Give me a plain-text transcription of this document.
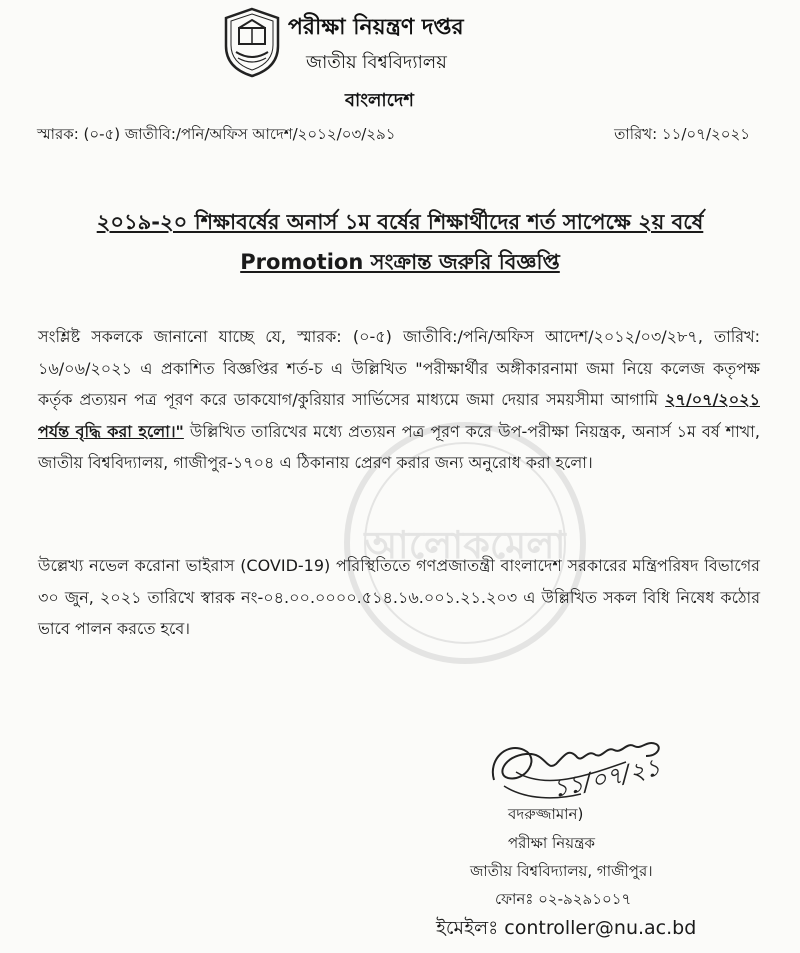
পরীক্ষা নিয়ন্ত্রণ দপ্তর
জাতীয় বিশ্ববিদ্যালয়
বাংলাদেশ
স্মারক: (০-৫) জাতীবি:/পনি/অফিস আদেশ/২০১২/০৩/২৯১	তারিখ: ১১/০৭/২০২১
২০১৯-২০ শিক্ষাবর্ষের অনার্স ১ম বর্ষের শিক্ষার্থীদের শর্ত সাপেক্ষে ২য় বর্ষে
Promotion সংক্রান্ত জরুরি বিজ্ঞপ্তি
আলোকমেলা
সংশ্লিষ্ট সকলকে জানানো যাচ্ছে যে, স্মারক: (০-৫) জাতীবি:/পনি/অফিস আদেশ/২০১২/০৩/২৮৭, তারিখ: ১৬/০৬/২০২১ এ প্রকাশিত বিজ্ঞপ্তির শর্ত-চ এ উল্লিখিত "পরীক্ষার্থীর অঙ্গীকারনামা জমা নিয়ে কলেজ কতৃপক্ষ কর্তৃক প্রত্যয়ন পত্র পূরণ করে ডাকযোগ/কুরিয়ার সার্ভিসের মাধ্যমে জমা দেয়ার সময়সীমা আগামি ২৭/০৭/২০২১ পর্যন্ত বৃদ্ধি করা হলো।" উল্লিখিত তারিখের মধ্যে প্রত্যয়ন পত্র পূরণ করে উপ-পরীক্ষা নিয়ন্ত্রক, অনার্স ১ম বর্ষ শাখা, জাতীয় বিশ্ববিদ্যালয়, গাজীপুর-১৭০৪ এ ঠিকানায় প্রেরণ করার জন্য অনুরোধ করা হলো।
উল্লেখ্য নভেল করোনা ভাইরাস (COVID-19) পরিস্থিতিতে গণপ্রজাতন্ত্রী বাংলাদেশ সরকারের মন্ত্রিপরিষদ বিভাগের ৩০ জুন, ২০২১ তারিখে স্বারক নং-০৪.০০.০০০০.৫১৪.১৬.০০১.২১.২০৩ এ উল্লিখিত সকল বিধি নিষেধ কঠোর ভাবে পালন করতে হবে।
১১/০৭/২১
বদরুজ্জামান)
পরীক্ষা নিয়ন্ত্রক
জাতীয় বিশ্ববিদ্যালয়, গাজীপুর।
ফোনঃ ০২-৯২৯১০১৭
ইমেইলঃ controller@nu.ac.bd
